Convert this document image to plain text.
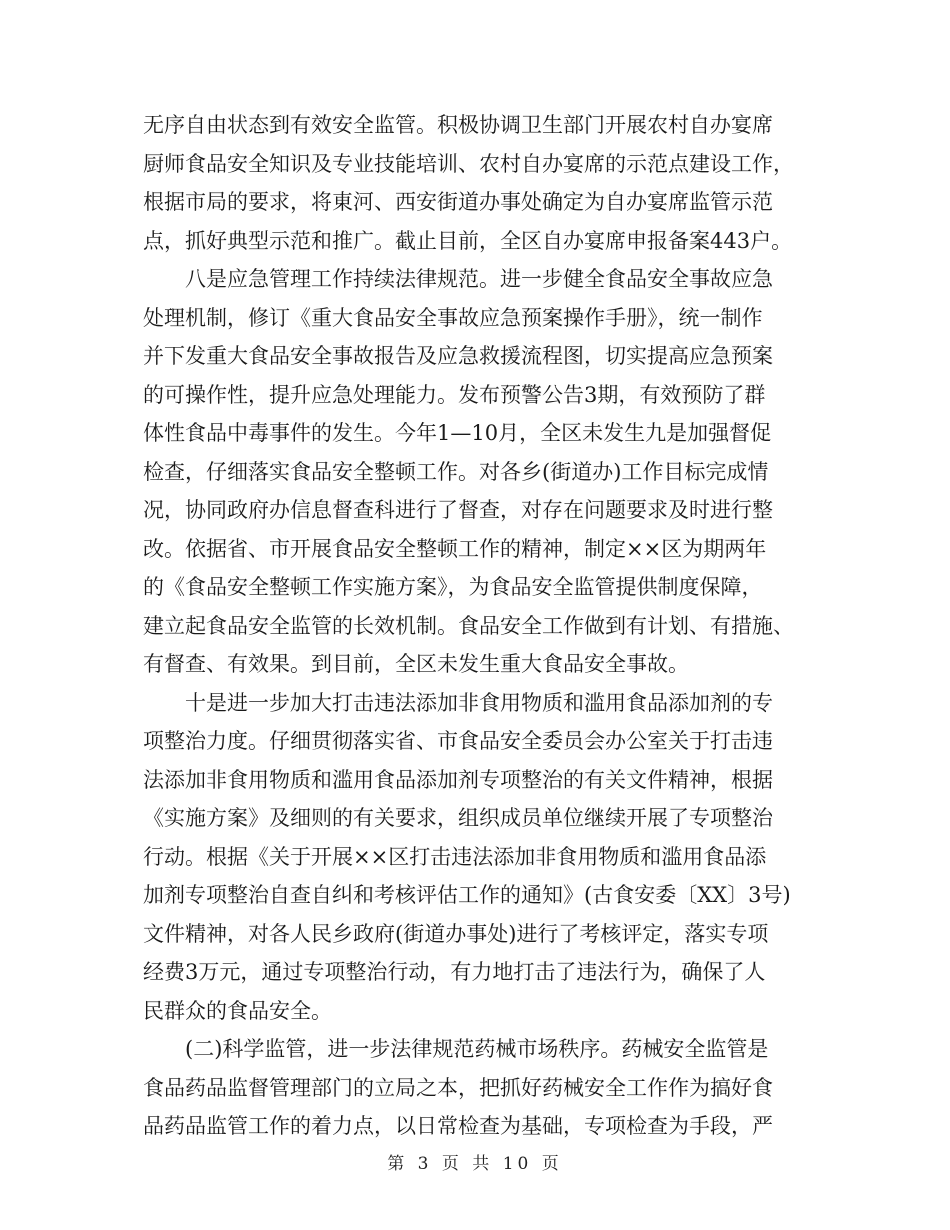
无序自由状态到有效安全监管。积极协调卫生部门开展农村自办宴席
厨师食品安全知识及专业技能培训、农村自办宴席的示范点建设工作，
根据市局的要求，将東河、西安街道办事处确定为自办宴席监管示范
点，抓好典型示范和推广。截止目前，全区自办宴席申报备案443户。
八是应急管理工作持续法律规范。进一步健全食品安全事故应急
处理机制，修订《重大食品安全事故应急预案操作手册》，统一制作
并下发重大食品安全事故报告及应急救援流程图，切实提高应急预案
的可操作性，提升应急处理能力。发布预警公告3期，有效预防了群
体性食品中毒事件的发生。今年1—10月，全区未发生九是加强督促
检查，仔细落实食品安全整顿工作。对各乡(街道办)工作目标完成情
况，协同政府办信息督查科进行了督查，对存在问题要求及时进行整
改。依据省、市开展食品安全整顿工作的精神，制定××区为期两年
的《食品安全整顿工作实施方案》，为食品安全监管提供制度保障，
建立起食品安全监管的长效机制。食品安全工作做到有计划、有措施、
有督查、有效果。到目前，全区未发生重大食品安全事故。
十是进一步加大打击违法添加非食用物质和滥用食品添加剂的专
项整治力度。仔细贯彻落实省、市食品安全委员会办公室关于打击违
法添加非食用物质和滥用食品添加剂专项整治的有关文件精神，根据
《实施方案》及细则的有关要求，组织成员单位继续开展了专项整治
行动。根据《关于开展××区打击违法添加非食用物质和滥用食品添
加剂专项整治自查自纠和考核评估工作的通知》(古食安委〔XX〕3号)
文件精神，对各人民乡政府(街道办事处)进行了考核评定，落实专项
经费3万元，通过专项整治行动，有力地打击了违法行为，确保了人
民群众的食品安全。
(二)科学监管，进一步法律规范药械市场秩序。药械安全监管是
食品药品监督管理部门的立局之本，把抓好药械安全工作作为搞好食
品药品监管工作的着力点，以日常检查为基础，专项检查为手段，严
第 3 页 共 10 页
